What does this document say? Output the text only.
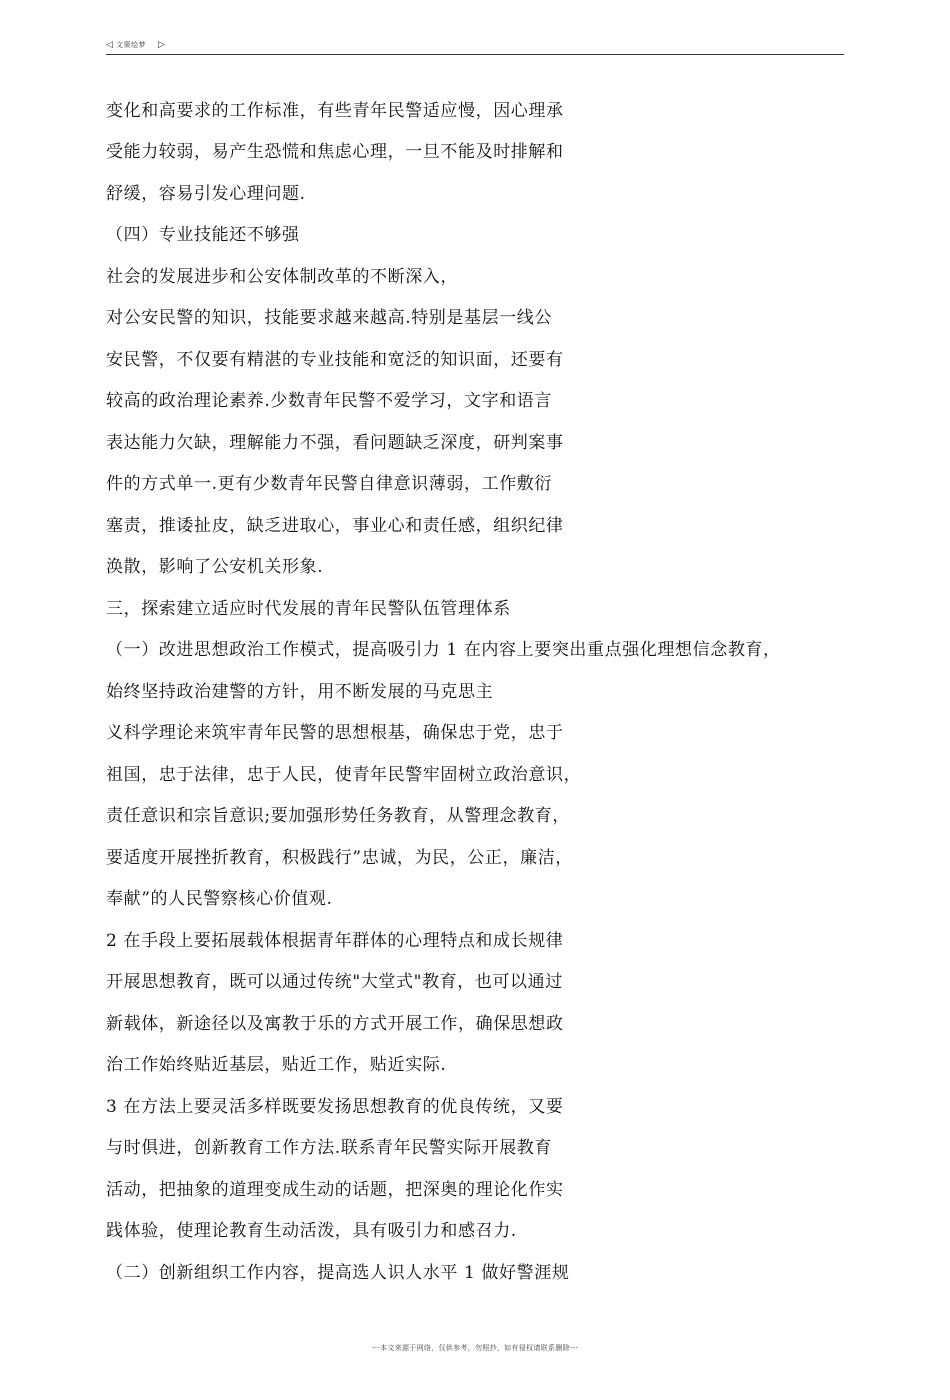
◁ 文策绘梦 ▷
变化和高要求的工作标准，有些青年民警适应慢，因心理承
受能力较弱，易产生恐慌和焦虑心理，一旦不能及时排解和
舒缓，容易引发心理问题.
（四）专业技能还不够强
社会的发展进步和公安体制改革的不断深入，
对公安民警的知识，技能要求越来越高.特别是基层一线公
安民警，不仅要有精湛的专业技能和宽泛的知识面，还要有
较高的政治理论素养.少数青年民警不爱学习，文字和语言
表达能力欠缺，理解能力不强，看问题缺乏深度，研判案事
件的方式单一.更有少数青年民警自律意识薄弱，工作敷衍
塞责，推诿扯皮，缺乏进取心，事业心和责任感，组织纪律
涣散，影响了公安机关形象.
三，探索建立适应时代发展的青年民警队伍管理体系
（一）改进思想政治工作模式，提高吸引力 1 在内容上要突出重点强化理想信念教育，
始终坚持政治建警的方针，用不断发展的马克思主
义科学理论来筑牢青年民警的思想根基，确保忠于党，忠于
祖国，忠于法律，忠于人民，使青年民警牢固树立政治意识，
责任意识和宗旨意识;要加强形势任务教育，从警理念教育，
要适度开展挫折教育，积极践行”忠诚，为民，公正，廉洁，
奉献”的人民警察核心价值观.
2 在手段上要拓展载体根据青年群体的心理特点和成长规律
开展思想教育，既可以通过传统"大堂式"教育，也可以通过
新载体，新途径以及寓教于乐的方式开展工作，确保思想政
治工作始终贴近基层，贴近工作，贴近实际.
3 在方法上要灵活多样既要发扬思想教育的优良传统，又要
与时俱进，创新教育工作方法.联系青年民警实际开展教育
活动，把抽象的道理变成生动的话题，把深奥的理论化作实
践体验，使理论教育生动活泼，具有吸引力和感召力.
（二）创新组织工作内容，提高选人识人水平 1 做好警涯规
---本文来源于网络，仅供参考，勿照抄，如有侵权请联系删除---
